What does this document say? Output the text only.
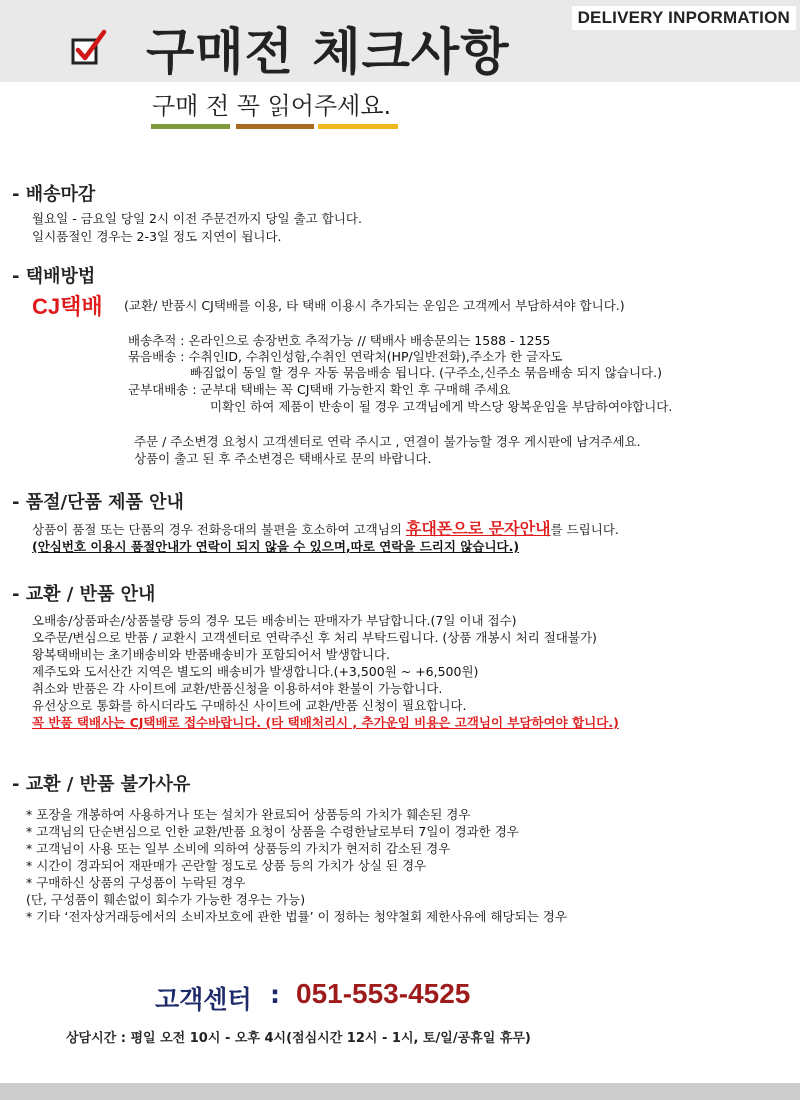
DELIVERY INPORMATION
구매전 체크사항
구매 전 꼭 읽어주세요.
- 배송마감
월요일 - 금요일 당일 2시 이전 주문건까지 당일 출고 합니다.
일시품절인 경우는 2-3일 정도 지연이 됩니다.
- 택배방법
CJ택배 (교환/ 반품시 CJ택배를 이용, 타 택배 이용시 추가되는 운임은 고객께서 부담하셔야 합니다.)
배송추적 : 온라인으로 송장번호 추적가능 // 택배사 배송문의는 1588 - 1255
묶음배송 : 수취인ID, 수취인성함,수취인 연락처(HP/일반전화),주소가 한 글자도
빠짐없이 동일 할 경우 자동 묶음배송 됩니다. (구주소,신주소 묶음배송 되지 않습니다.)
군부대배송 : 군부대 택배는 꼭 CJ택배 가능한지 확인 후 구매해 주세요
미확인 하여 제품이 반송이 될 경우 고객님에게 박스당 왕복운임을 부담하여야합니다.
주문 / 주소변경 요청시 고객센터로 연락 주시고 , 연결이 불가능할 경우 게시판에 남겨주세요.
상품이 출고 된 후 주소변경은 택배사로 문의 바랍니다.
- 품절/단품 제품 안내
상품이 품절 또는 단품의 경우 전화응대의 불편을 호소하여 고객님의 휴대폰으로 문자안내를 드립니다.
(안심번호 이용시 품절안내가 연락이 되지 않을 수 있으며,따로 연락을 드리지 않습니다.)
- 교환 / 반품 안내
오배송/상품파손/상품불량 등의 경우 모든 배송비는 판매자가 부담합니다.(7일 이내 접수)
오주문/변심으로 반품 / 교환시 고객센터로 연락주신 후 처리 부탁드립니다. (상품 개봉시 처리 절대불가)
왕복택배비는 초기배송비와 반품배송비가 포함되어서 발생합니다.
제주도와 도서산간 지역은 별도의 배송비가 발생합니다.(+3,500원 ~ +6,500원)
취소와 반품은 각 사이트에 교환/반품신청을 이용하셔야 환불이 가능합니다.
유선상으로 통화를 하시더라도 구매하신 사이트에 교환/반품 신청이 필요합니다.
꼭 반품 택배사는 CJ택배로 접수바랍니다. (타 택배처리시 , 추가운임 비용은 고객님이 부담하여야 합니다.)
- 교환 / 반품 불가사유
* 포장을 개봉하여 사용하거나 또는 설치가 완료되어 상품등의 가치가 훼손된 경우
* 고객님의 단순변심으로 인한 교환/반품 요청이 상품을 수령한날로부터 7일이 경과한 경우
* 고객님이 사용 또는 일부 소비에 의하여 상품등의 가치가 현저히 감소된 경우
* 시간이 경과되어 재판매가 곤란할 정도로 상품 등의 가치가 상실 된 경우
* 구매하신 상품의 구성품이 누락된 경우
(단, 구성품이 훼손없이 회수가 가능한 경우는 가능)
* 기타 ‘전자상거래등에서의 소비자보호에 관한 법률’ 이 정하는 청약철회 제한사유에 해당되는 경우
고객센터 : 051-553-4525
상담시간 : 평일 오전 10시 - 오후 4시(점심시간 12시 - 1시, 토/일/공휴일 휴무)
